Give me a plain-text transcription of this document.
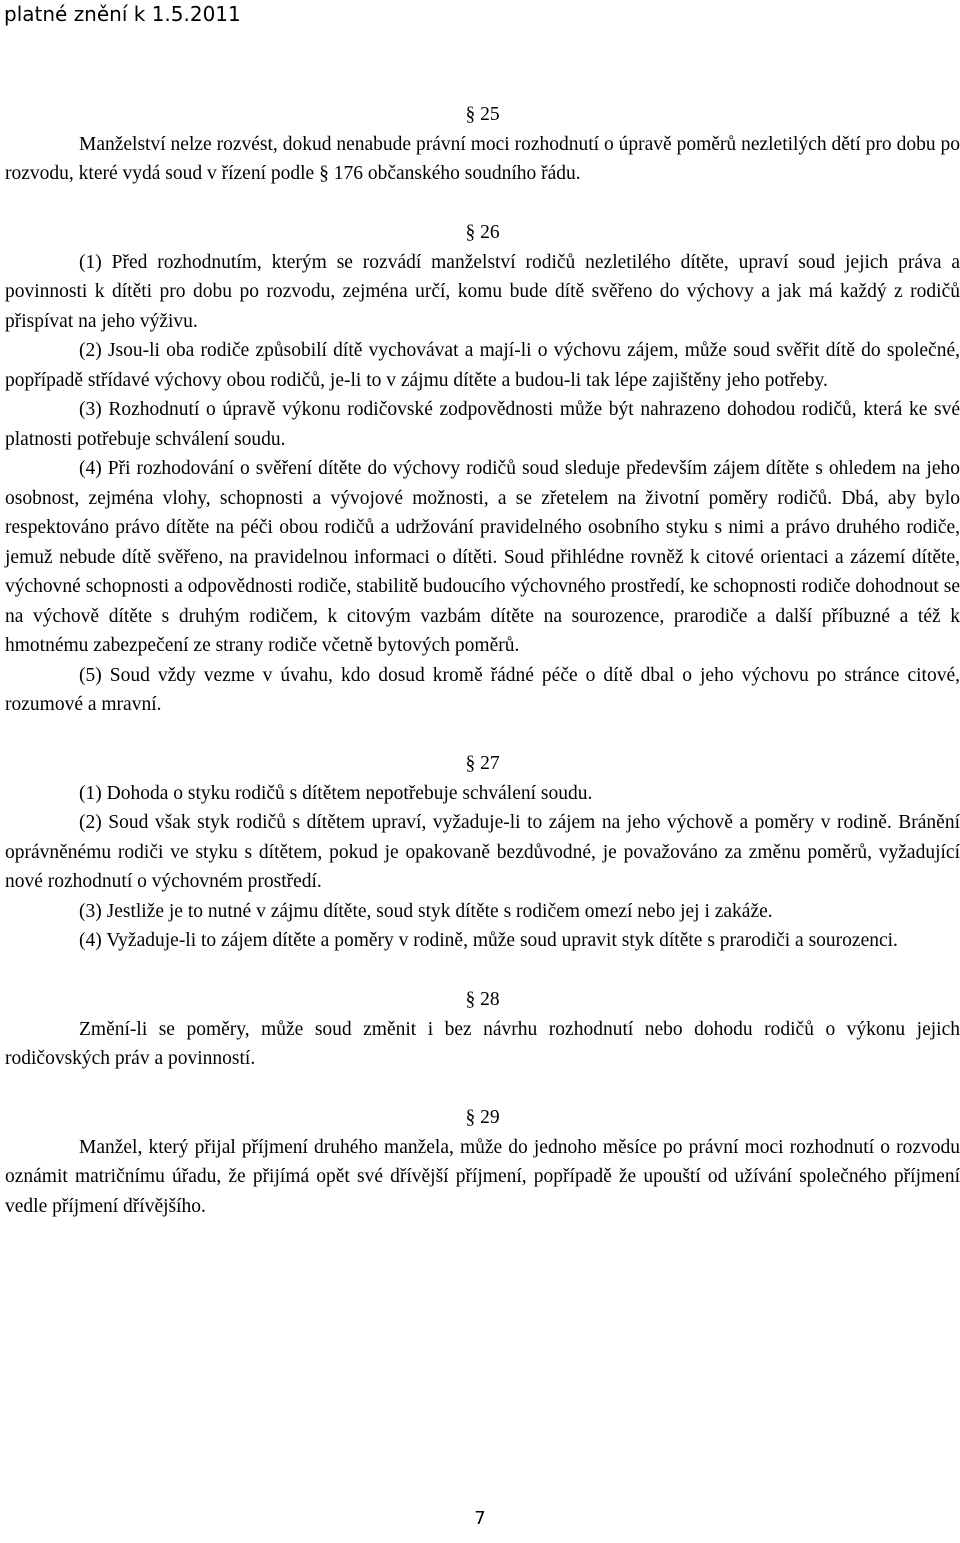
platné znění k 1.5.2011

§ 25

Manželství nelze rozvést, dokud nenabude právní moci rozhodnutí o úpravě poměrů nezletilých dětí pro dobu po rozvodu, které vydá soud v řízení podle § 176 občanského soudního řádu.

§ 26

(1) Před rozhodnutím, kterým se rozvádí manželství rodičů nezletilého dítěte, upraví soud jejich práva a povinnosti k dítěti pro dobu po rozvodu, zejména určí, komu bude dítě svěřeno do výchovy a jak má každý z rodičů přispívat na jeho výživu.

(2) Jsou-li oba rodiče způsobilí dítě vychovávat a mají-li o výchovu zájem, může soud svěřit dítě do společné, popřípadě střídavé výchovy obou rodičů, je-li to v zájmu dítěte a budou-li tak lépe zajištěny jeho potřeby.

(3) Rozhodnutí o úpravě výkonu rodičovské zodpovědnosti může být nahrazeno dohodou rodičů, která ke své platnosti potřebuje schválení soudu.

(4) Při rozhodování o svěření dítěte do výchovy rodičů soud sleduje především zájem dítěte s ohledem na jeho osobnost, zejména vlohy, schopnosti a vývojové možnosti, a se zřetelem na životní poměry rodičů. Dbá, aby bylo respektováno právo dítěte na péči obou rodičů a udržování pravidelného osobního styku s nimi a právo druhého rodiče, jemuž nebude dítě svěřeno, na pravidelnou informaci o dítěti. Soud přihlédne rovněž k citové orientaci a zázemí dítěte, výchovné schopnosti a odpovědnosti rodiče, stabilitě budoucího výchovného prostředí, ke schopnosti rodiče dohodnout se na výchově dítěte s druhým rodičem, k citovým vazbám dítěte na sourozence, prarodiče a další příbuzné a též k hmotnému zabezpečení ze strany rodiče včetně bytových poměrů.

(5) Soud vždy vezme v úvahu, kdo dosud kromě řádné péče o dítě dbal o jeho výchovu po stránce citové, rozumové a mravní.

§ 27

(1) Dohoda o styku rodičů s dítětem nepotřebuje schválení soudu.

(2) Soud však styk rodičů s dítětem upraví, vyžaduje-li to zájem na jeho výchově a poměry v rodině. Bránění oprávněnému rodiči ve styku s dítětem, pokud je opakovaně bezdůvodné, je považováno za změnu poměrů, vyžadující nové rozhodnutí o výchovném prostředí.

(3) Jestliže je to nutné v zájmu dítěte, soud styk dítěte s rodičem omezí nebo jej i zakáže.

(4) Vyžaduje-li to zájem dítěte a poměry v rodině, může soud upravit styk dítěte s prarodiči a sourozenci.

§ 28

Změní-li se poměry, může soud změnit i bez návrhu rozhodnutí nebo dohodu rodičů o výkonu jejich rodičovských práv a povinností.

§ 29

Manžel, který přijal příjmení druhého manžela, může do jednoho měsíce po právní moci rozhodnutí o rozvodu oznámit matričnímu úřadu, že přijímá opět své dřívější příjmení, popřípadě že upouští od užívání společného příjmení vedle příjmení dřívějšího.

7
